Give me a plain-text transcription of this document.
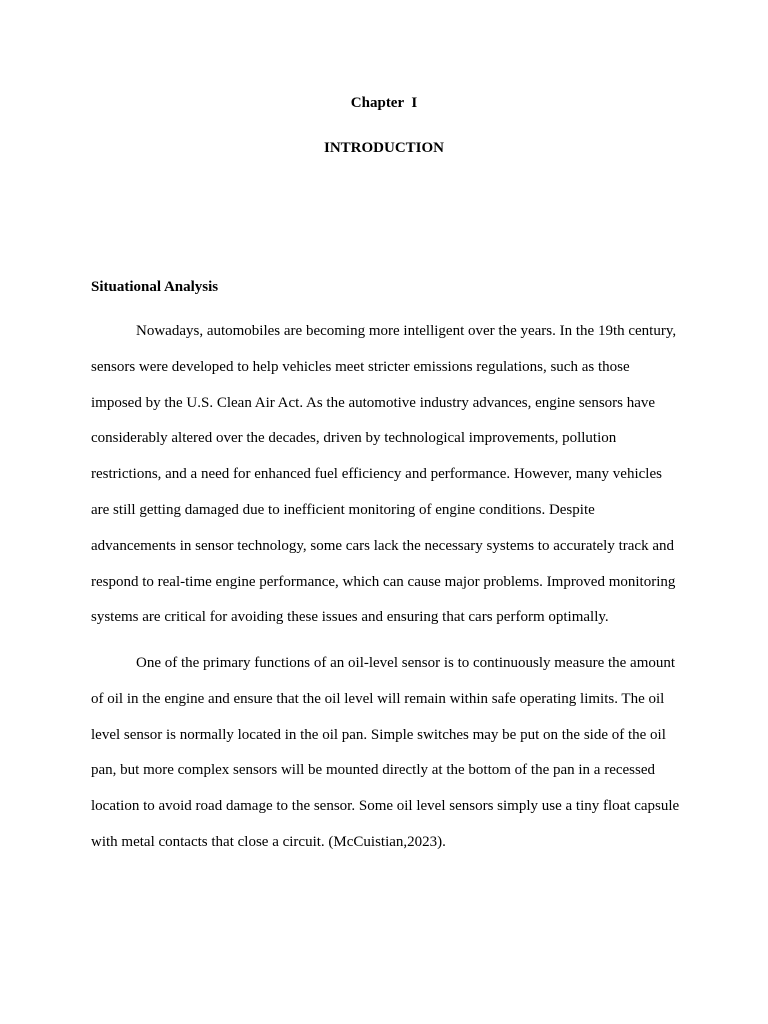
Chapter  I
INTRODUCTION
Situational Analysis

Nowadays, automobiles are becoming more intelligent over the years. In the 19th century, sensors were developed to help vehicles meet stricter emissions regulations, such as those imposed by the U.S. Clean Air Act. As the automotive industry advances, engine sensors have considerably altered over the decades, driven by technological improvements, pollution restrictions, and a need for enhanced fuel efficiency and performance. However, many vehicles are still getting damaged due to inefficient monitoring of engine conditions. Despite advancements in sensor technology, some cars lack the necessary systems to accurately track and respond to real-time engine performance, which can cause major problems. Improved monitoring systems are critical for avoiding these issues and ensuring that cars perform optimally.

One of the primary functions of an oil-level sensor is to continuously measure the amount of oil in the engine and ensure that the oil level will remain within safe operating limits. The oil level sensor is normally located in the oil pan. Simple switches may be put on the side of the oil pan, but more complex sensors will be mounted directly at the bottom of the pan in a recessed location to avoid road damage to the sensor. Some oil level sensors simply use a tiny float capsule with metal contacts that close a circuit. (McCuistian,2023).
